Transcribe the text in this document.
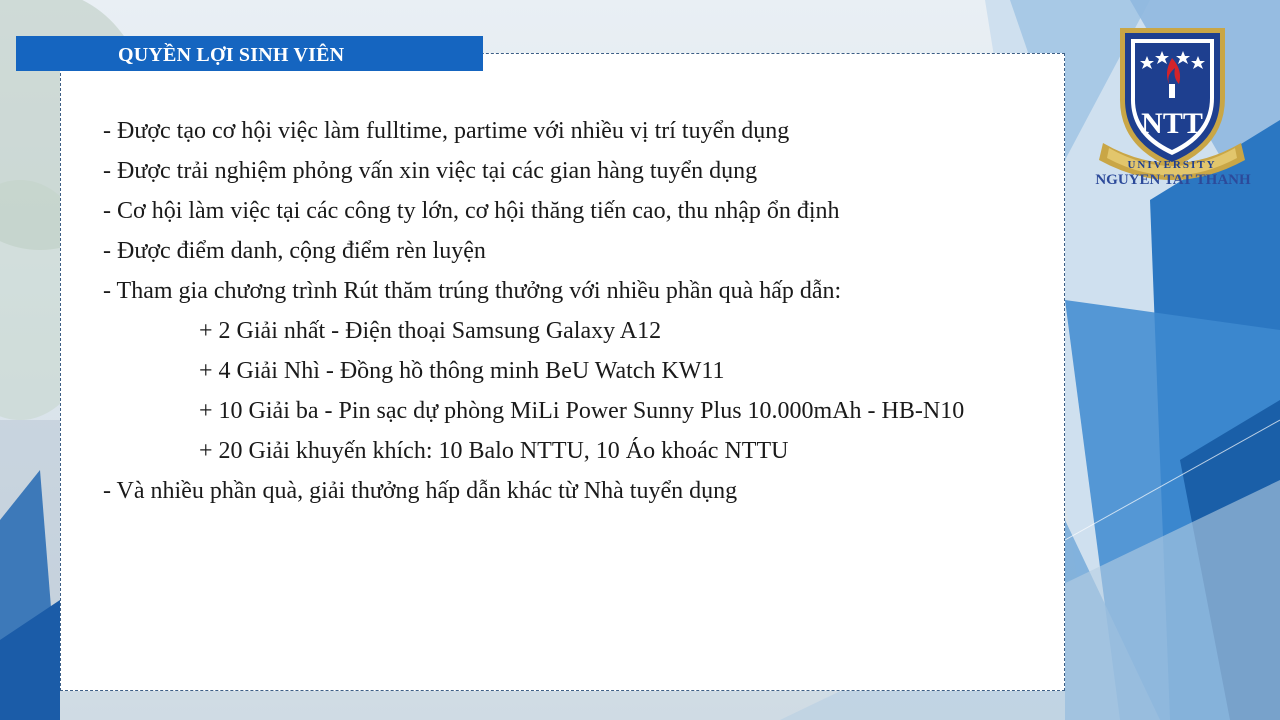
NTT
UNIVERSITY
NGUYEN TAT THANH
- Được tạo cơ hội việc làm fulltime, partime với nhiều vị trí tuyển dụng
- Được trải nghiệm phỏng vấn xin việc tại các gian hàng tuyển dụng
- Cơ hội làm việc tại các công ty lớn, cơ hội thăng tiến cao, thu nhập ổn định
- Được điểm danh, cộng điểm rèn luyện
- Tham gia chương trình Rút thăm trúng thưởng với nhiều phần quà hấp dẫn:
+ 2 Giải nhất - Điện thoại Samsung Galaxy A12
+ 4 Giải Nhì - Đồng hồ thông minh BeU Watch KW11
+ 10 Giải ba - Pin sạc dự phòng MiLi Power Sunny Plus 10.000mAh - HB-N10
+ 20 Giải khuyến khích: 10 Balo NTTU, 10 Áo khoác NTTU
- Và nhiều phần quà, giải thưởng hấp dẫn khác từ Nhà tuyển dụng
QUYỀN LỢI SINH VIÊN
